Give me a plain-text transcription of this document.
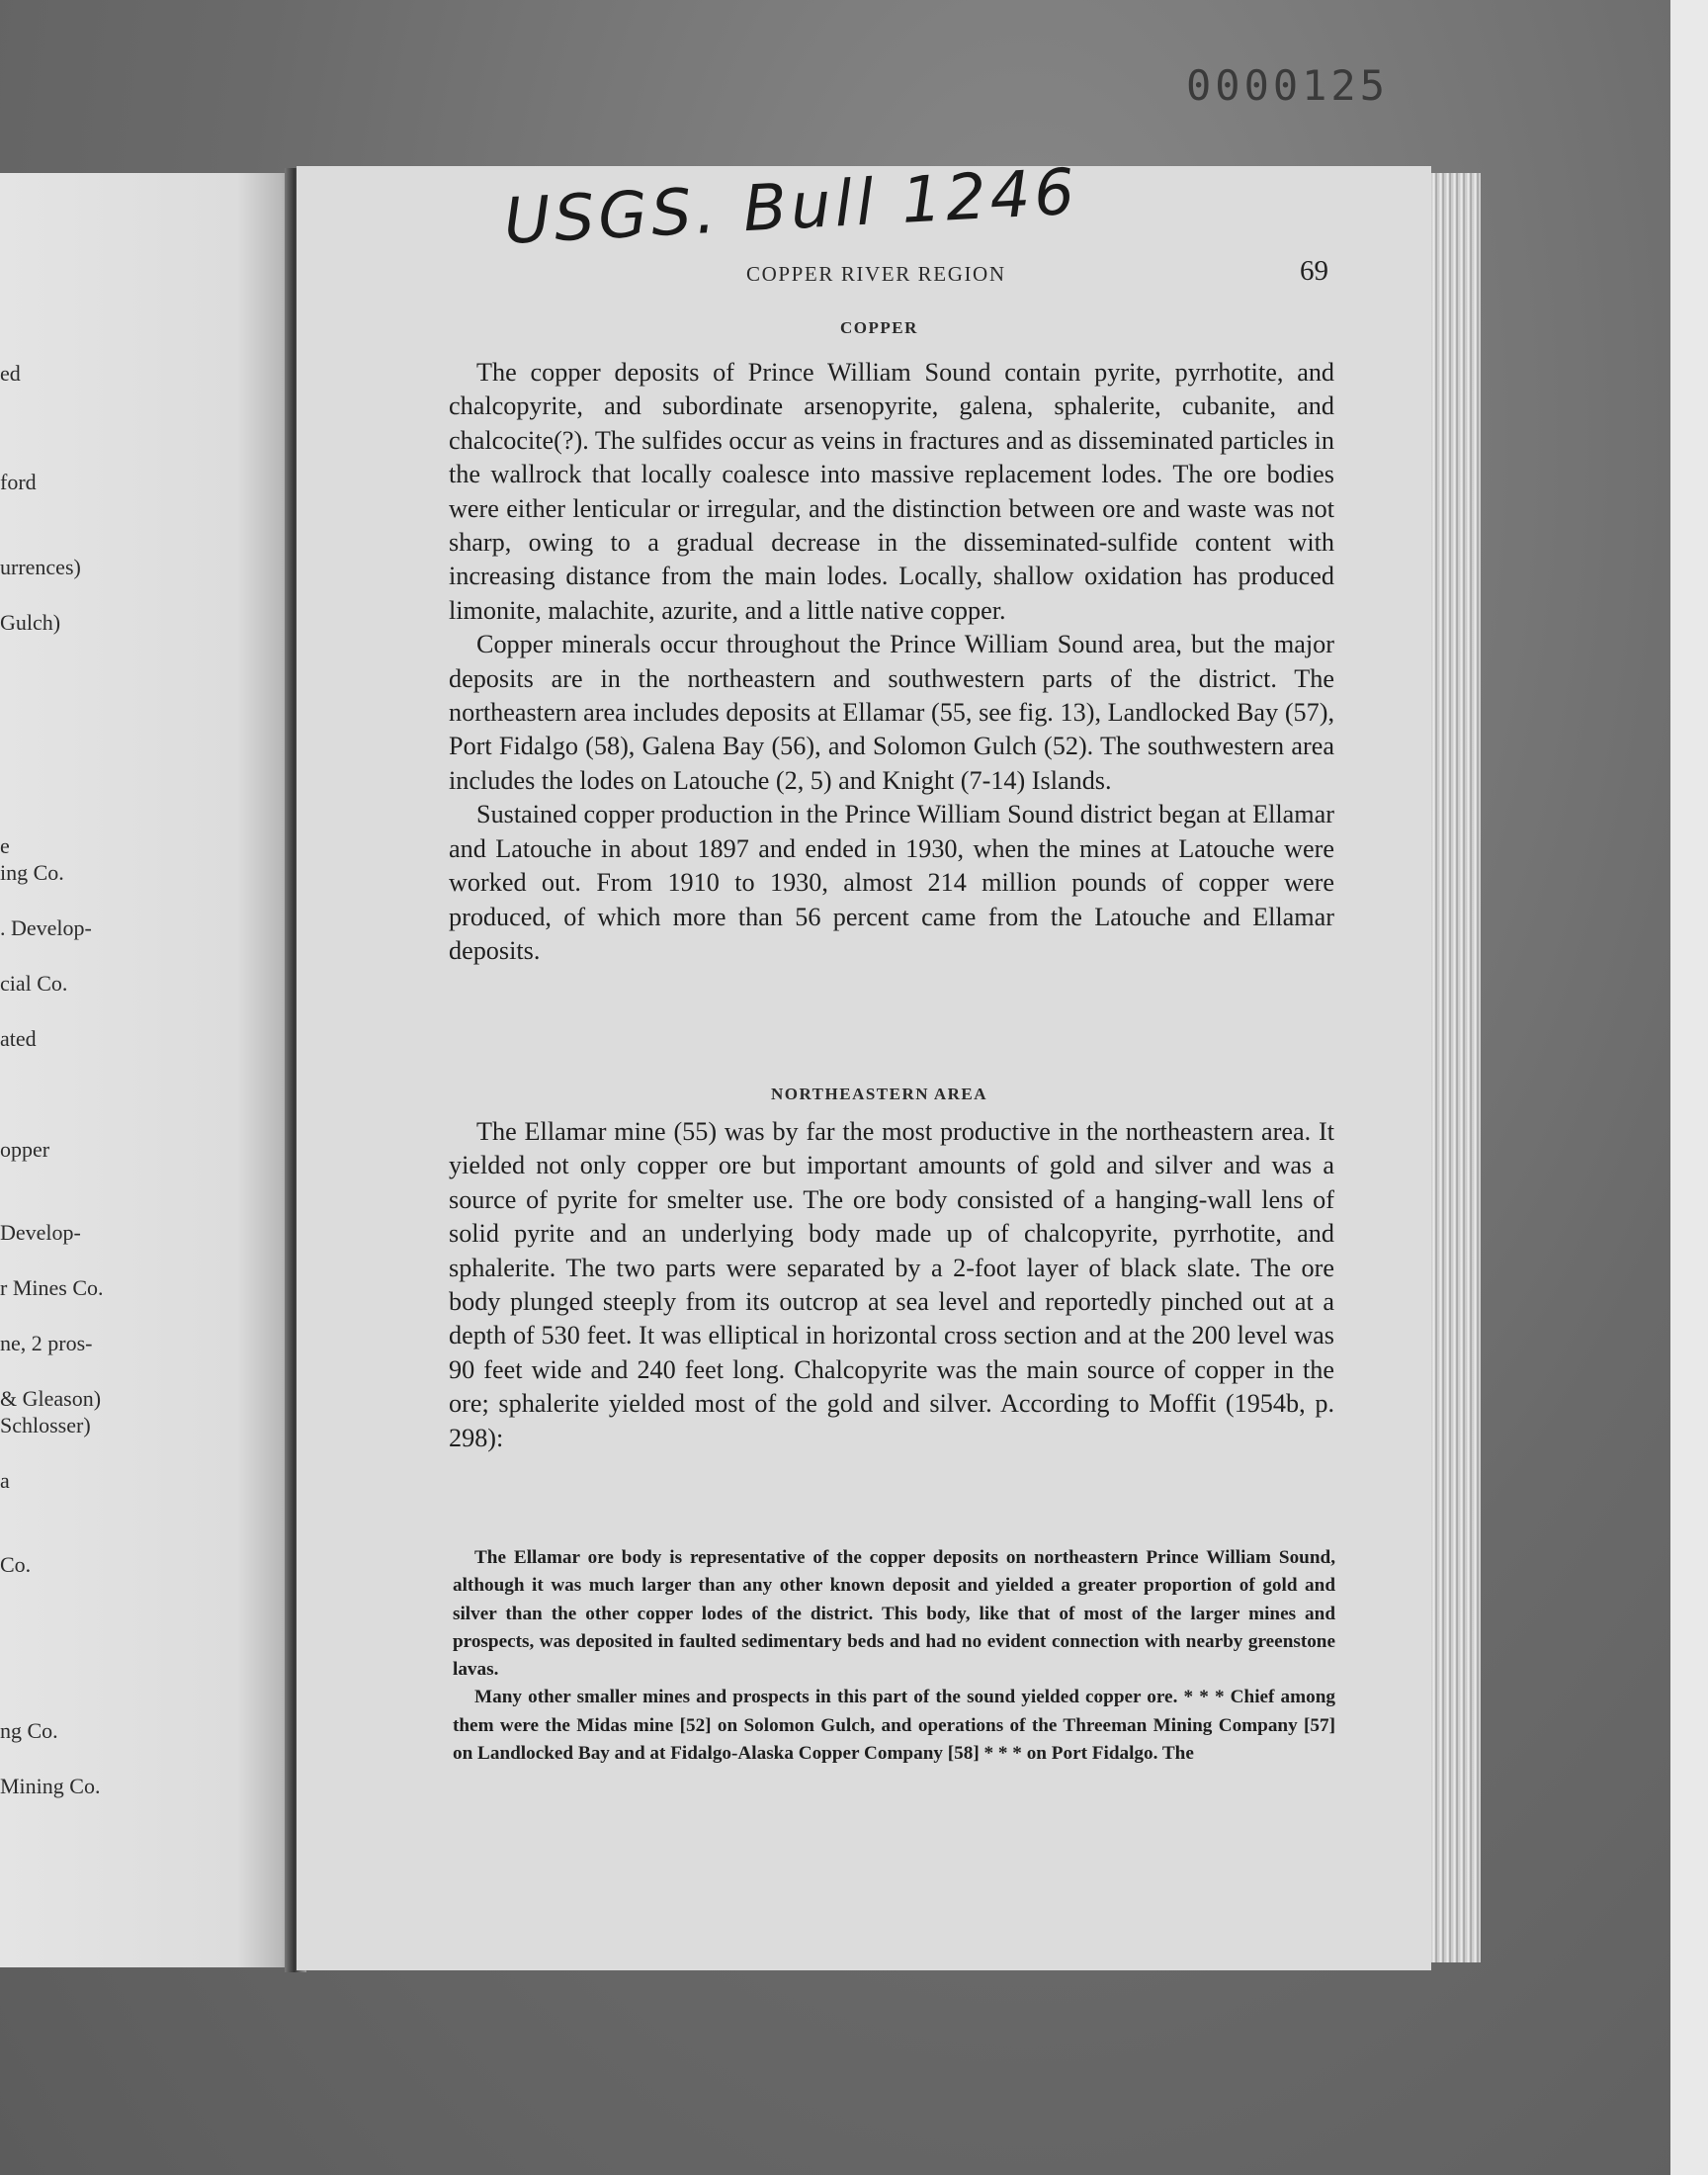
0000125
ed
ford
urrences)
Gulch)
e
ing Co.
. Develop-
cial Co.
ated
opper
Develop-
r Mines Co.
ne, 2 pros-
& Gleason)
Schlosser)
a
Co.
ng Co.
Mining Co.
USGS. Bull 1246
COPPER RIVER REGION	69
COPPER

The copper deposits of Prince William Sound contain pyrite, pyrrhotite, and chalcopyrite, and subordinate arsenopyrite, galena, sphalerite, cubanite, and chalcocite(?). The sulfides occur as veins in fractures and as disseminated particles in the wallrock that locally coalesce into massive replacement lodes. The ore bodies were either lenticular or irregular, and the distinction between ore and waste was not sharp, owing to a gradual decrease in the disseminated-sulfide content with increasing distance from the main lodes. Locally, shallow oxidation has produced limonite, malachite, azurite, and a little native copper.

Copper minerals occur throughout the Prince William Sound area, but the major deposits are in the northeastern and southwestern parts of the district. The northeastern area includes deposits at Ellamar (55, see fig. 13), Landlocked Bay (57), Port Fidalgo (58), Galena Bay (56), and Solomon Gulch (52). The southwestern area includes the lodes on Latouche (2, 5) and Knight (7-14) Islands.

Sustained copper production in the Prince William Sound district began at Ellamar and Latouche in about 1897 and ended in 1930, when the mines at Latouche were worked out. From 1910 to 1930, almost 214 million pounds of copper were produced, of which more than 56 percent came from the Latouche and Ellamar deposits.

NORTHEASTERN AREA

The Ellamar mine (55) was by far the most productive in the northeastern area. It yielded not only copper ore but important amounts of gold and silver and was a source of pyrite for smelter use. The ore body consisted of a hanging-wall lens of solid pyrite and an underlying body made up of chalcopyrite, pyrrhotite, and sphalerite. The two parts were separated by a 2-foot layer of black slate. The ore body plunged steeply from its outcrop at sea level and reportedly pinched out at a depth of 530 feet. It was elliptical in horizontal cross section and at the 200 level was 90 feet wide and 240 feet long. Chalcopyrite was the main source of copper in the ore; sphalerite yielded most of the gold and silver. According to Moffit (1954b, p. 298):

The Ellamar ore body is representative of the copper deposits on northeastern Prince William Sound, although it was much larger than any other known deposit and yielded a greater proportion of gold and silver than the other copper lodes of the district. This body, like that of most of the larger mines and prospects, was deposited in faulted sedimentary beds and had no evident connection with nearby greenstone lavas.

Many other smaller mines and prospects in this part of the sound yielded copper ore. * * * Chief among them were the Midas mine [52] on Solomon Gulch, and operations of the Threeman Mining Company [57] on Landlocked Bay and at Fidalgo-Alaska Copper Company [58] * * * on Port Fidalgo. The
